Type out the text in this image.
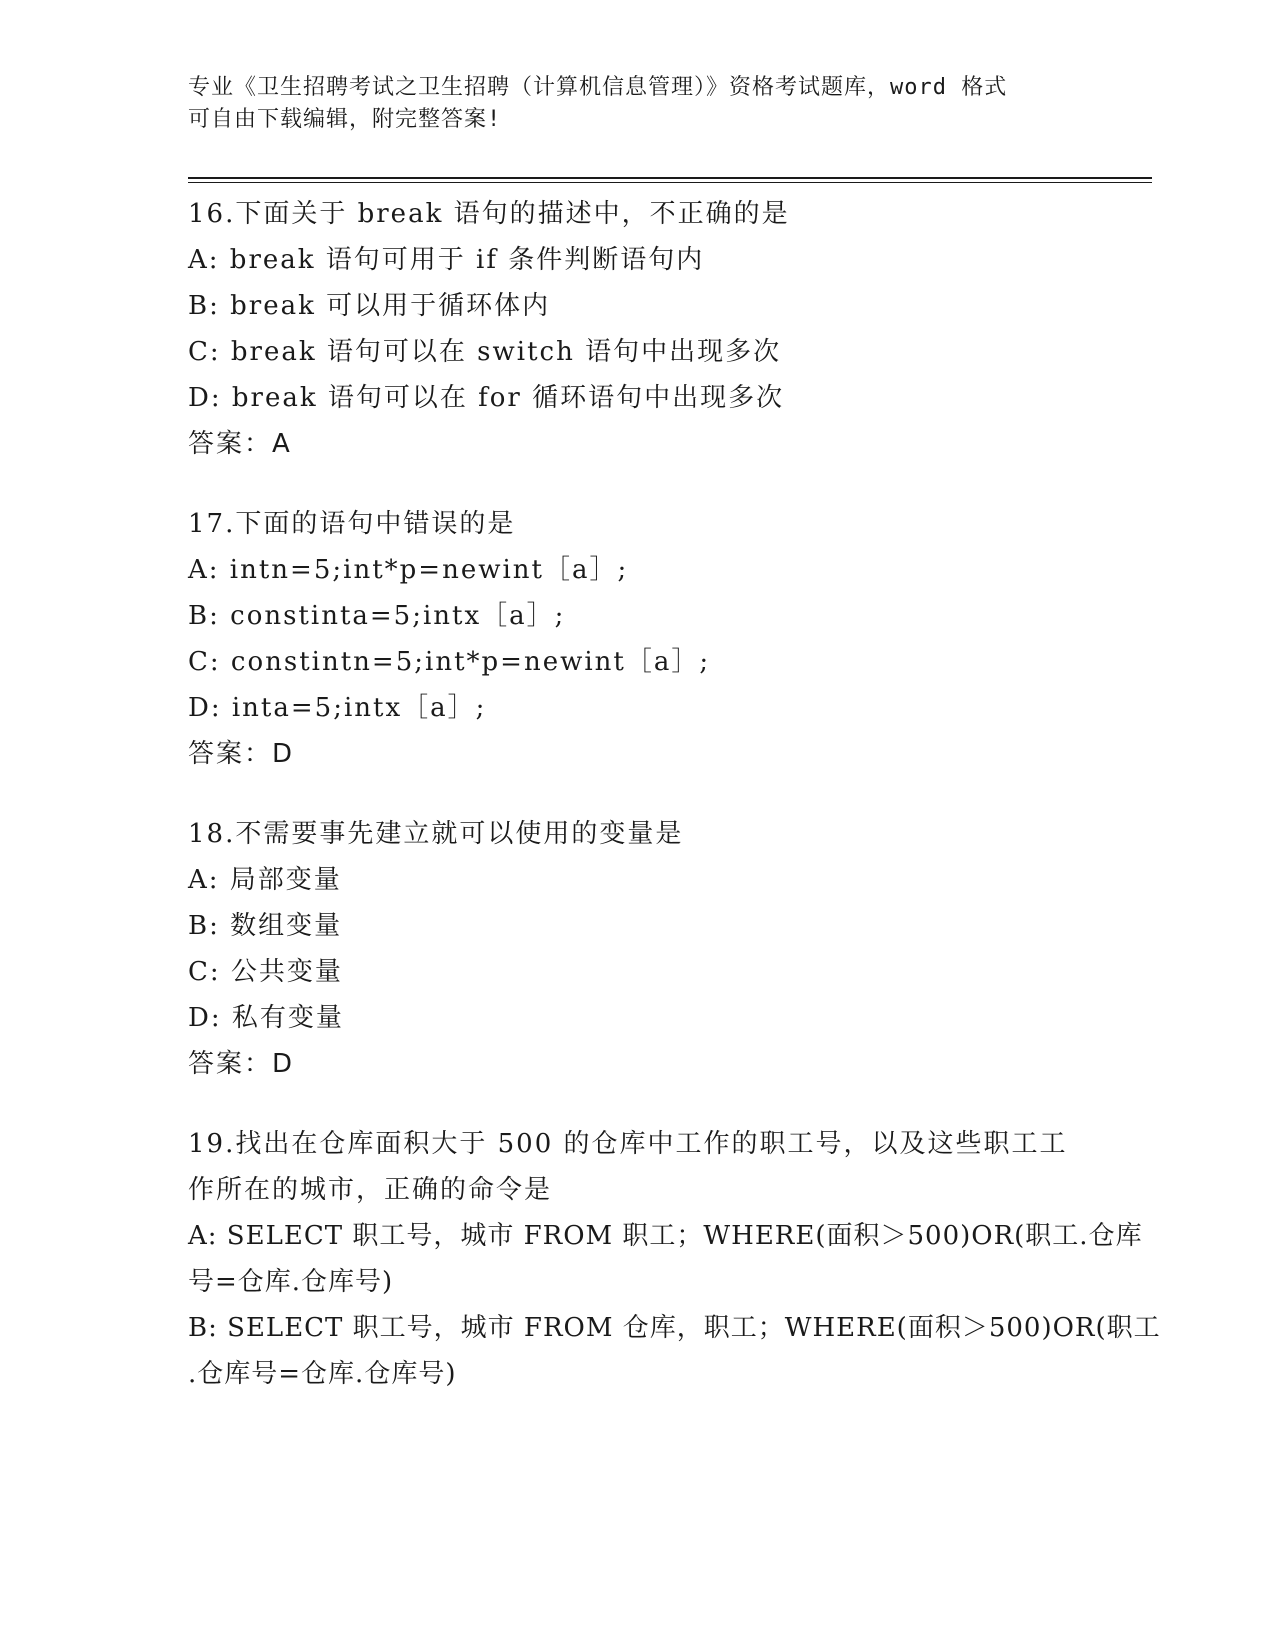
专业《卫生招聘考试之卫生招聘（计算机信息管理）》资格考试题库，word 格式
可自由下载编辑，附完整答案!
16.下面关于 break 语句的描述中，不正确的是
A: break 语句可用于 if 条件判断语句内
B: break 可以用于循环体内
C: break 语句可以在 switch 语句中出现多次
D: break 语句可以在 for 循环语句中出现多次
答案：A
17.下面的语句中错误的是
A: intn=5;int*p=newint［a］;
B: constinta=5;intx［a］;
C: constintn=5;int*p=newint［a］;
D: inta=5;intx［a］;
答案：D
18.不需要事先建立就可以使用的变量是
A: 局部变量
B: 数组变量
C: 公共变量
D: 私有变量
答案：D
19.找出在仓库面积大于 500 的仓库中工作的职工号，以及这些职工工
作所在的城市，正确的命令是
A: SELECT 职工号，城市 FROM 职工；WHERE(面积＞500)OR(职工.仓库
号=仓库.仓库号)
B: SELECT 职工号，城市 FROM 仓库，职工；WHERE(面积＞500)OR(职工
.仓库号=仓库.仓库号)
